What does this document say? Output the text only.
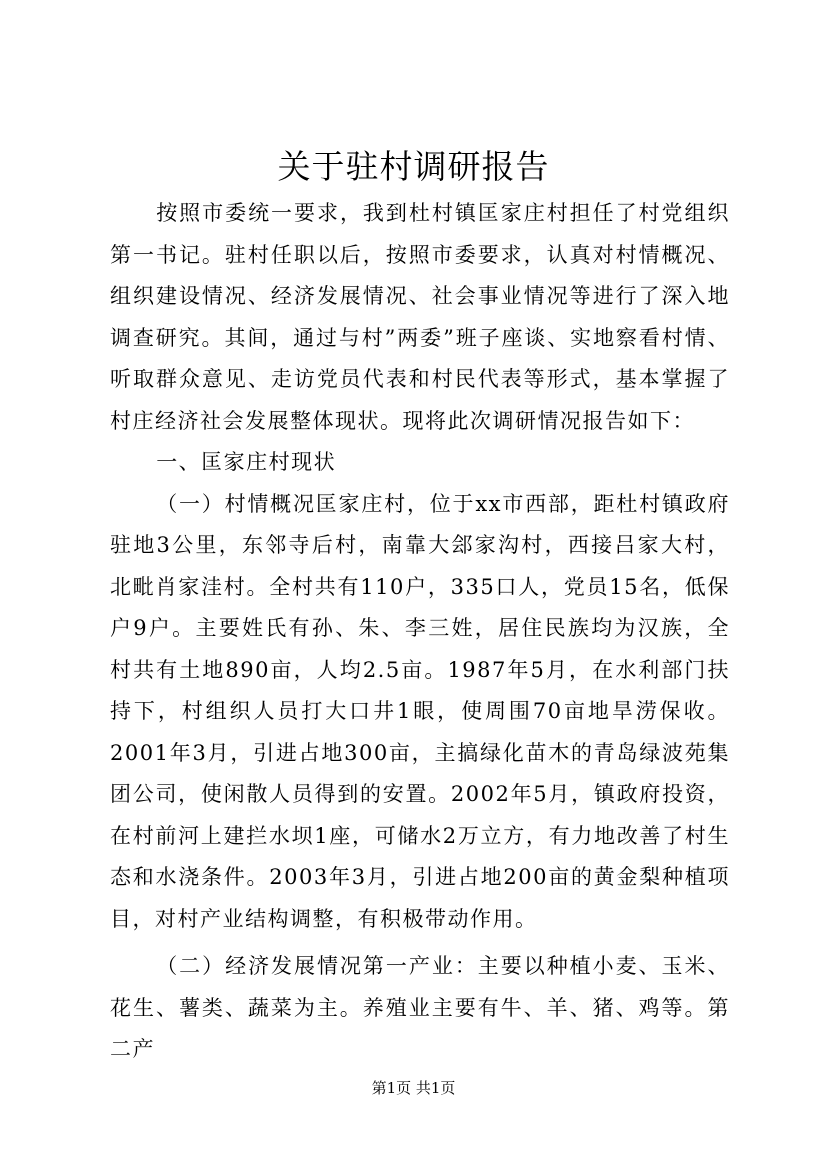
关于驻村调研报告

按照市委统一要求，我到杜村镇匡家庄村担任了村党组织第一书记。驻村任职以后，按照市委要求，认真对村情概况、组织建设情况、经济发展情况、社会事业情况等进行了深入地调查研究。其间，通过与村”两委”班子座谈、实地察看村情、听取群众意见、走访党员代表和村民代表等形式，基本掌握了村庄经济社会发展整体现状。现将此次调研情况报告如下：

一、匡家庄村现状

（一）村情概况匡家庄村，位于xx市西部，距杜村镇政府驻地3公里，东邻寺后村，南靠大郐家沟村，西接吕家大村，北毗肖家洼村。全村共有110户，335口人，党员15名，低保户9户。主要姓氏有孙、朱、李三姓，居住民族均为汉族，全村共有土地890亩，人均2.5亩。1987年5月，在水利部门扶持下，村组织人员打大口井1眼，使周围70亩地旱涝保收。2001年3月，引进占地300亩，主搞绿化苗木的青岛绿波苑集团公司，使闲散人员得到的安置。2002年5月，镇政府投资，在村前河上建拦水坝1座，可储水2万立方，有力地改善了村生态和水浇条件。2003年3月，引进占地200亩的黄金梨种植项目，对村产业结构调整，有积极带动作用。

（二）经济发展情况第一产业：主要以种植小麦、玉米、花生、薯类、蔬菜为主。养殖业主要有牛、羊、猪、鸡等。第二产

第1页 共1页
